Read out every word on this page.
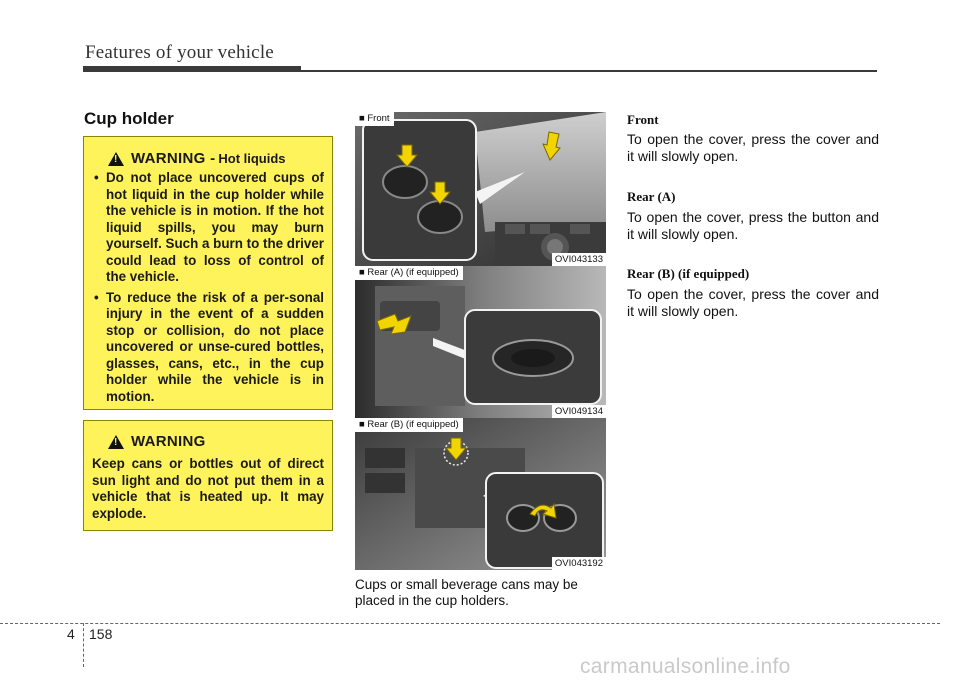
Features of your vehicle
Cup holder
!
WARNING - Hot liquids
• Do not place uncovered cups of hot liquid in the cup holder while the vehicle is in motion. If the hot liquid spills, you may burn yourself. Such a burn to the driver could lead to loss of control of the vehicle.
• To reduce the risk of a per-sonal injury in the event of a sudden stop or collision, do not place uncovered or unse-cured bottles, glasses, cans, etc., in the cup holder while the vehicle is in motion.
!
WARNING
Keep cans or bottles out of direct sun light and do not put them in a vehicle that is heated up. It may explode.
■ Front
OVI043133
■ Rear (A) (if equipped)
OVI049134
■ Rear (B) (if equipped)
OVI043192
Cups or small beverage cans may be placed in the cup holders.
Front
To open the cover, press the cover and it will slowly open.
Rear (A)
To open the cover, press the button and it will slowly open.
Rear (B) (if equipped)
To open the cover, press the cover and it will slowly open.
4 158
carmanualsonline.info
